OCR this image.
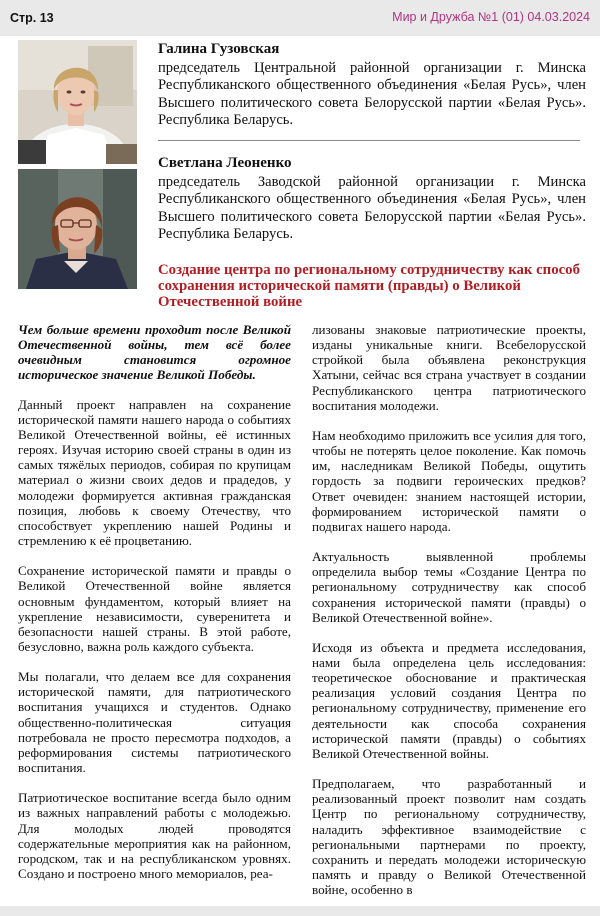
Стр. 13	Мир и Дружба №1 (01) 04.03.2024
Галина Гузовская
председатель Центральной районной организации г. Минска Республиканского общественного объединения «Белая Русь», член Высшего политического совета Белорусской партии «Белая Русь». Республика Беларусь.
Светлана Леоненко
председатель Заводской районной организации г. Минска Республиканского общественного объединения «Белая Русь», член Высшего политического совета Белорусской партии «Белая Русь». Республика Беларусь.
Создание центра по региональному сотрудничеству как способ сохранения исторической памяти (правды) о Великой Отечественной войне

Чем больше времени проходит после Великой Отечественной войны, тем всё более очевидным становится огромное историческое значение Великой Победы.

Данный проект направлен на сохранение исторической памяти нашего народа о событиях Великой Отечественной войны, её истинных героях. Изучая историю своей страны в один из самых тяжёлых периодов, собирая по крупицам материал о жизни своих дедов и прадедов, у молодежи формируется активная гражданская позиция, любовь к своему Отечеству, что способствует укреплению нашей Родины и стремлению к её процветанию.

Сохранение исторической памяти и правды о Великой Отечественной войне является основным фундаментом, который влияет на укрепление независимости, суверенитета и безопасности нашей страны. В этой работе, безусловно, важна роль каждого субъекта.

Мы полагали, что делаем все для сохранения исторической памяти, для патриотического воспитания учащихся и студентов. Однако общественно-политическая ситуация потребовала не просто пересмотра подходов, а реформирования системы патриотического воспитания.

Патриотическое воспитание всегда было одним из важных направлений работы с молодежью. Для молодых людей проводятся содержательные мероприятия как на районном, городском, так и на республиканском уровнях. Создано и построено много мемориалов, реа-

лизованы знаковые патриотические проекты, изданы уникальные книги. Всебелорусской стройкой была объявлена реконструкция Хатыни, сейчас вся страна участвует в создании Республиканского центра патриотического воспитания молодежи.

Нам необходимо приложить все усилия для того, чтобы не потерять целое поколение. Как помочь им, наследникам Великой Победы, ощутить гордость за подвиги героических предков? Ответ очевиден: знанием настоящей истории, формированием исторической памяти о подвигах нашего народа.

Актуальность выявленной проблемы определила выбор темы «Создание Центра по региональному сотрудничеству как способ сохранения исторической памяти (правды) о Великой Отечественной войне».

Исходя из объекта и предмета исследования, нами была определена цель исследования: теоретическое обоснование и практическая реализация условий создания Центра по региональному сотрудничеству, применение его деятельности как способа сохранения исторической памяти (правды) о событиях Великой Отечественной войны.

Предполагаем, что разработанный и реализованный проект позволит нам создать Центр по региональному сотрудничеству, наладить эффективное взаимодействие с региональными партнерами по проекту, сохранить и передать молодежи историческую память и правду о Великой Отечественной войне, особенно в
